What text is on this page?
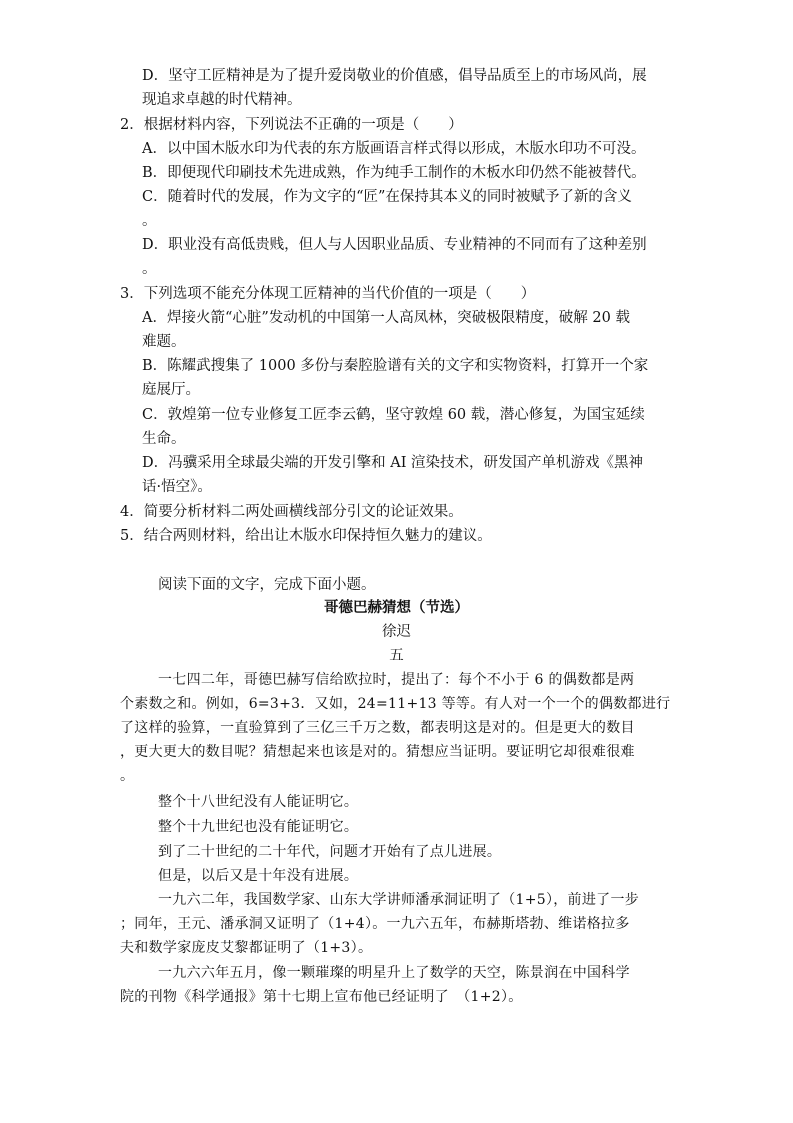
D．坚守工匠精神是为了提升爱岗敬业的价值感，倡导品质至上的市场风尚，展
现追求卓越的时代精神。
2．根据材料内容，下列说法不正确的一项是（　　）
A．以中国木版水印为代表的东方版画语言样式得以形成，木版水印功不可没。
B．即便现代印刷技术先进成熟，作为纯手工制作的木板水印仍然不能被替代。
C．随着时代的发展，作为文字的“匠”在保持其本义的同时被赋予了新的含义
。
D．职业没有高低贵贱，但人与人因职业品质、专业精神的不同而有了这种差别
。
3．下列选项不能充分体现工匠精神的当代价值的一项是（　　）
A．焊接火箭“心脏”发动机的中国第一人高凤林，突破极限精度，破解 20 载
难题。
B．陈耀武搜集了 1000 多份与秦腔脸谱有关的文字和实物资料，打算开一个家
庭展厅。
C．敦煌第一位专业修复工匠李云鹤，坚守敦煌 60 载，潜心修复，为国宝延续
生命。
D．冯骥采用全球最尖端的开发引擎和 AI 渲染技术，研发国产单机游戏《黑神
话·悟空》。
4．简要分析材料二两处画横线部分引文的论证效果。
5．结合两则材料，给出让木版水印保持恒久魅力的建议。
阅读下面的文字，完成下面小题。
哥德巴赫猜想（节选）
徐迟
五
一七四二年，哥德巴赫写信给欧拉时，提出了：每个不小于 6 的偶数都是两
个素数之和。例如，6=3+3．又如，24=11+13 等等。有人对一个一个的偶数都进行
了这样的验算，一直验算到了三亿三千万之数，都表明这是对的。但是更大的数目
，更大更大的数目呢？猜想起来也该是对的。猜想应当证明。要证明它却很难很难
。
整个十八世纪没有人能证明它。
整个十九世纪也没有能证明它。
到了二十世纪的二十年代，问题才开始有了点儿进展。
但是，以后又是十年没有进展。
一九六二年，我国数学家、山东大学讲师潘承洞证明了（1+5），前进了一步
；同年，王元、潘承洞又证明了（1+4）。一九六五年，布赫斯塔勃、维诺格拉多
夫和数学家庞皮艾黎都证明了（1+3）。
一九六六年五月，像一颗璀璨的明星升上了数学的天空，陈景润在中国科学
院的刊物《科学通报》第十七期上宣布他已经证明了　（1+2）。
